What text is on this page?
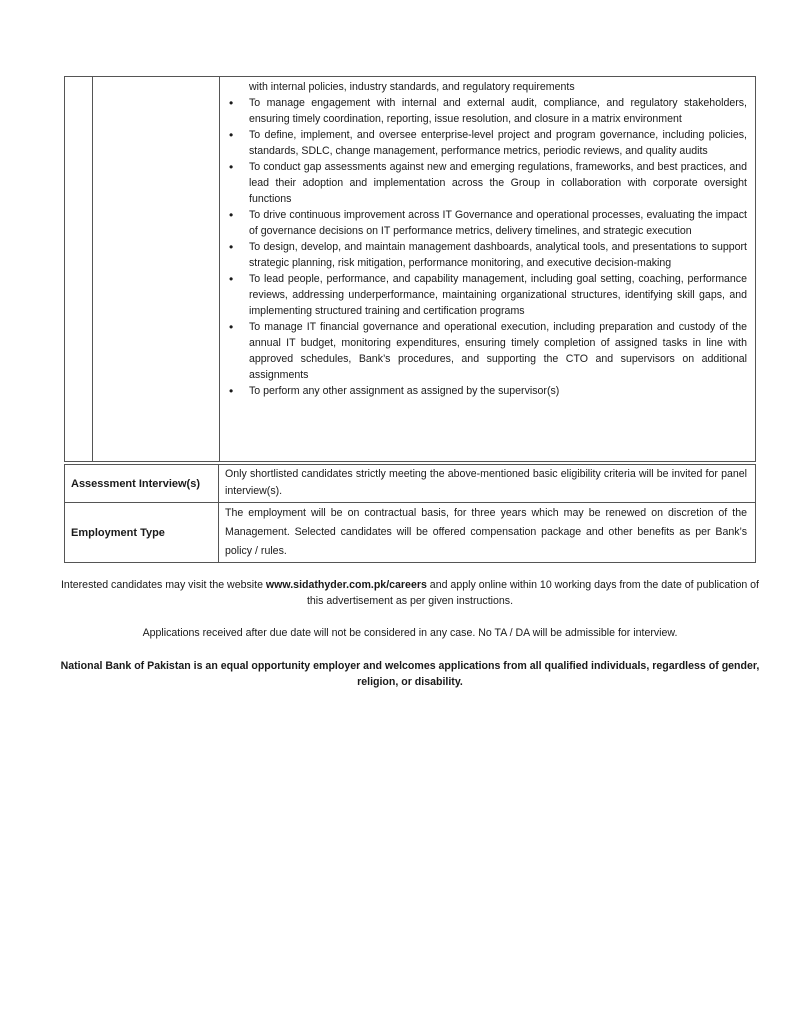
with internal policies, industry standards, and regulatory requirements
• To manage engagement with internal and external audit, compliance, and regulatory stakeholders, ensuring timely coordination, reporting, issue resolution, and closure in a matrix environment
• To define, implement, and oversee enterprise-level project and program governance, including policies, standards, SDLC, change management, performance metrics, periodic reviews, and quality audits
• To conduct gap assessments against new and emerging regulations, frameworks, and best practices, and lead their adoption and implementation across the Group in collaboration with corporate oversight functions
• To drive continuous improvement across IT Governance and operational processes, evaluating the impact of governance decisions on IT performance metrics, delivery timelines, and strategic execution
• To design, develop, and maintain management dashboards, analytical tools, and presentations to support strategic planning, risk mitigation, performance monitoring, and executive decision-making
• To lead people, performance, and capability management, including goal setting, coaching, performance reviews, addressing underperformance, maintaining organizational structures, identifying skill gaps, and implementing structured training and certification programs
• To manage IT financial governance and operational execution, including preparation and custody of the annual IT budget, monitoring expenditures, ensuring timely completion of assigned tasks in line with approved schedules, Bank’s procedures, and supporting the CTO and supervisors on additional assignments
• To perform any other assignment as assigned by the supervisor(s)
Assessment Interview(s)
Only shortlisted candidates strictly meeting the above-mentioned basic eligibility criteria will be invited for panel interview(s).
Employment Type
The employment will be on contractual basis, for three years which may be renewed on discretion of the Management. Selected candidates will be offered compensation package and other benefits as per Bank’s policy / rules.
Interested candidates may visit the website www.sidathyder.com.pk/careers and apply online within 10 working days from the date of publication of this advertisement as per given instructions.
Applications received after due date will not be considered in any case. No TA / DA will be admissible for interview.
National Bank of Pakistan is an equal opportunity employer and welcomes applications from all qualified individuals, regardless of gender, religion, or disability.
